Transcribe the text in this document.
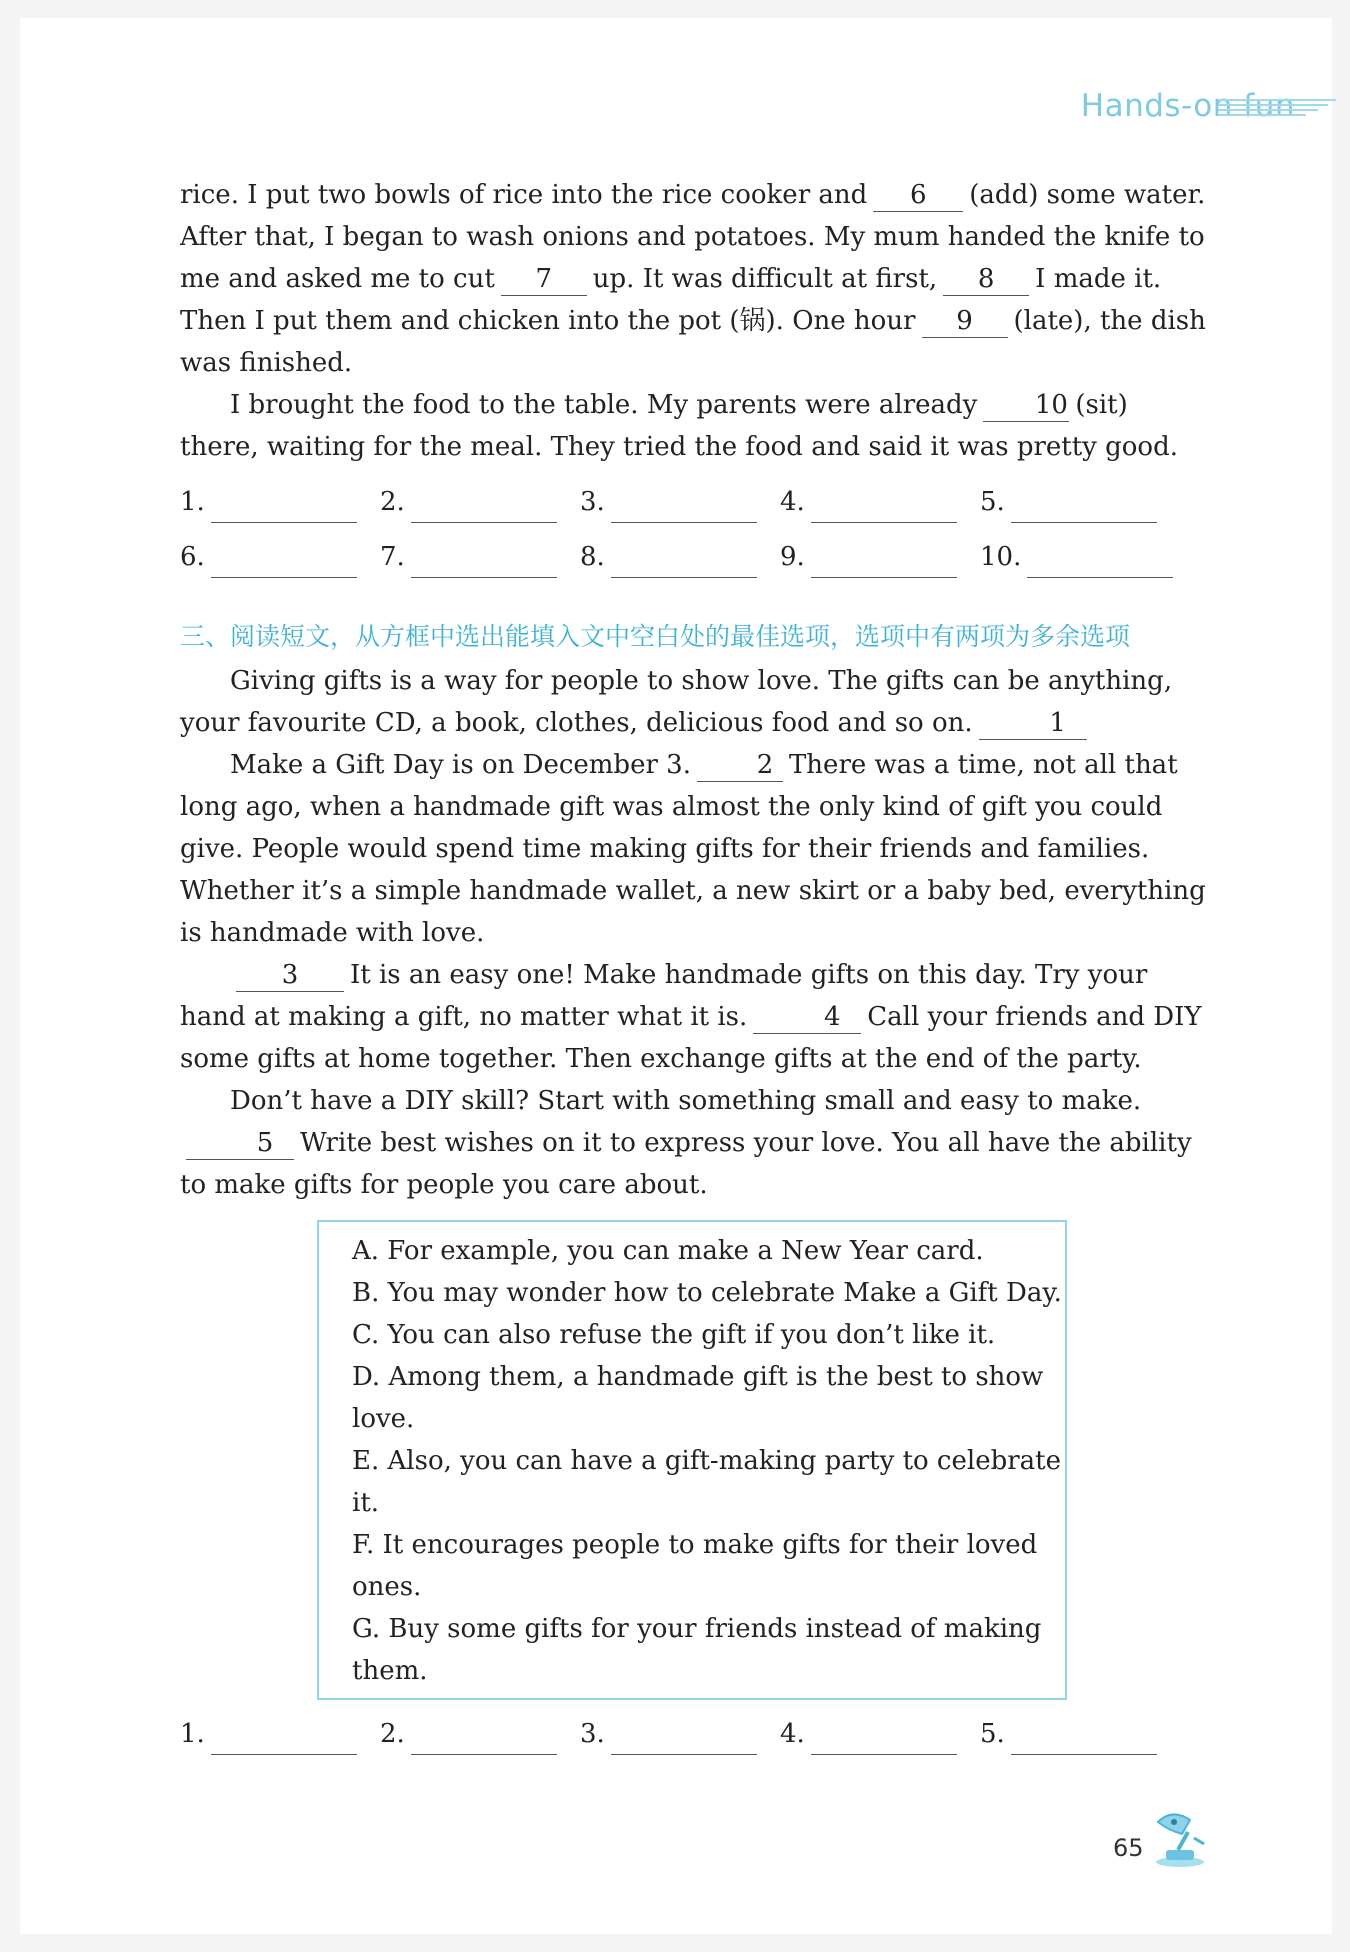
Hands-on fun

rice. I put two bowls of rice into the rice cooker and 6 (add) some water. After that, I began to wash onions and potatoes. My mum handed the knife to me and asked me to cut 7 up. It was difficult at first, 8 I made it. Then I put them and chicken into the pot (锅). One hour 9 (late), the dish was finished.

I brought the food to the table. My parents were already 10 (sit) there, waiting for the meal. They tried the food and said it was pretty good.

1.	2.	3.	4.	5.
6.	7.	8.	9.	10.
三、阅读短文，从方框中选出能填入文中空白处的最佳选项，选项中有两项为多余选项

Giving gifts is a way for people to show love. The gifts can be anything, your favourite CD, a book, clothes, delicious food and so on.	1

Make a Gift Day is on December 3.	2 There was a time, not all that long ago, when a handmade gift was almost the only kind of gift you could give. People would spend time making gifts for their friends and families. Whether it’s a simple handmade wallet, a new skirt or a baby bed, everything is handmade with love.

3 It is an easy one! Make handmade gifts on this day. Try your hand at making a gift, no matter what it is.	4 Call your friends and DIY some gifts at home together. Then exchange gifts at the end of the party.

Don’t have a DIY skill? Start with something small and easy to make.5 Write best wishes on it to express your love. You all have the ability to make gifts for people you care about.

A. For example, you can make a New Year card.
B. You may wonder how to celebrate Make a Gift Day.
C. You can also refuse the gift if you don’t like it.
D. Among them, a handmade gift is the best to show love.
E. Also, you can have a gift-making party to celebrate it.
F. It encourages people to make gifts for their loved ones.
G. Buy some gifts for your friends instead of making them.
1.	2.	3.	4.	5.
65
